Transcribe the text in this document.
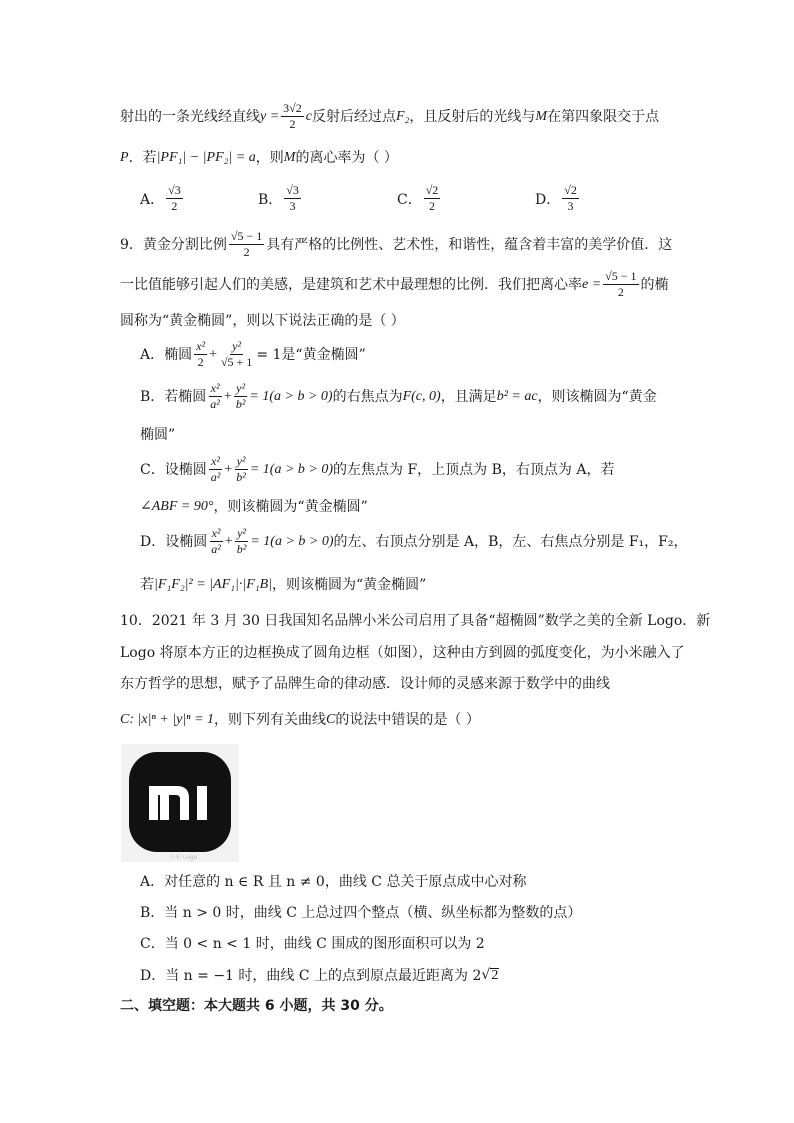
射出的一条光线经直线 $y = \frac{3√2}{2}$ c 反射后经过点 F₂ ，且反射后的光线与 M 在第四象限交于点
P ．若 |PF₁| − |PF₂| = a ，则 M 的离心率为（ ）
A． $\frac{√3}{2}$	B． $\frac{√3}{3}$	C． $\frac{√2}{2}$	D． $\frac{√2}{3}$
9．黄金分割比例 $\frac{√5 - 1}{2}$ 具有严格的比例性、艺术性，和谐性，蕴含着丰富的美学价值．这
一比值能够引起人们的美感，是建筑和艺术中最理想的比例．我们把离心率 $e = \frac{√5 - 1}{2}$ 的椭
圆称为“黄金椭圆”，则以下说法正确的是（ ）
A．椭圆 $\frac{\text{x²}}{2} + \frac{\text{y²}}{√5 + 1} = 1$是“黄金椭圆”
B．若椭圆 $\frac{\text{x²}}{\text{a²}} + \frac{\text{y²}}{\text{b²}} = 1(a > b > 0)$ 的右焦点为 F(c, 0) ，且满足 b² = ac ，则该椭圆为“黄金
椭圆”
C．设椭圆 $\frac{\text{x²}}{\text{a²}} + \frac{\text{y²}}{\text{b²}} = 1(a > b > 0)$ 的左焦点为 F，上顶点为 B，右顶点为 A，若
∠ABF = 90° ，则该椭圆为“黄金椭圆”
D．设椭圆 $\frac{\text{x²}}{\text{a²}} + \frac{\text{y²}}{\text{b²}} = 1(a > b > 0)$ 的左、右顶点分别是 A，B，左、右焦点分别是 F₁，F₂，
若 |F₁F₂|² = |AF₁|·|F₁B| ，则该椭圆为“黄金椭圆”
10．2021 年 3 月 30 日我国知名品牌小米公司启用了具备“超椭圆”数学之美的全新 Logo．新
Logo 将原本方正的边框换成了圆角边框（如图），这种由方到圆的弧度变化，为小米融入了
东方哲学的思想，赋予了品牌生命的律动感．设计师的灵感来源于数学中的曲线
C : |x|ⁿ + |y|ⁿ = 1 ，则下列有关曲线 C 的说法中错误的是（ ）
小米 Logo
A．对任意的 n ∈ R 且 n ≠ 0，曲线 C 总关于原点成中心对称
B．当 n > 0 时，曲线 C 上总过四个整点（横、纵坐标都为整数的点）
C．当 0 < n < 1 时，曲线 C 围成的图形面积可以为 2
D．当 n = −1 时，曲线 C 上的点到原点最近距离为 2 √ 2
二、填空题：本大题共 6 小题，共 30 分。
